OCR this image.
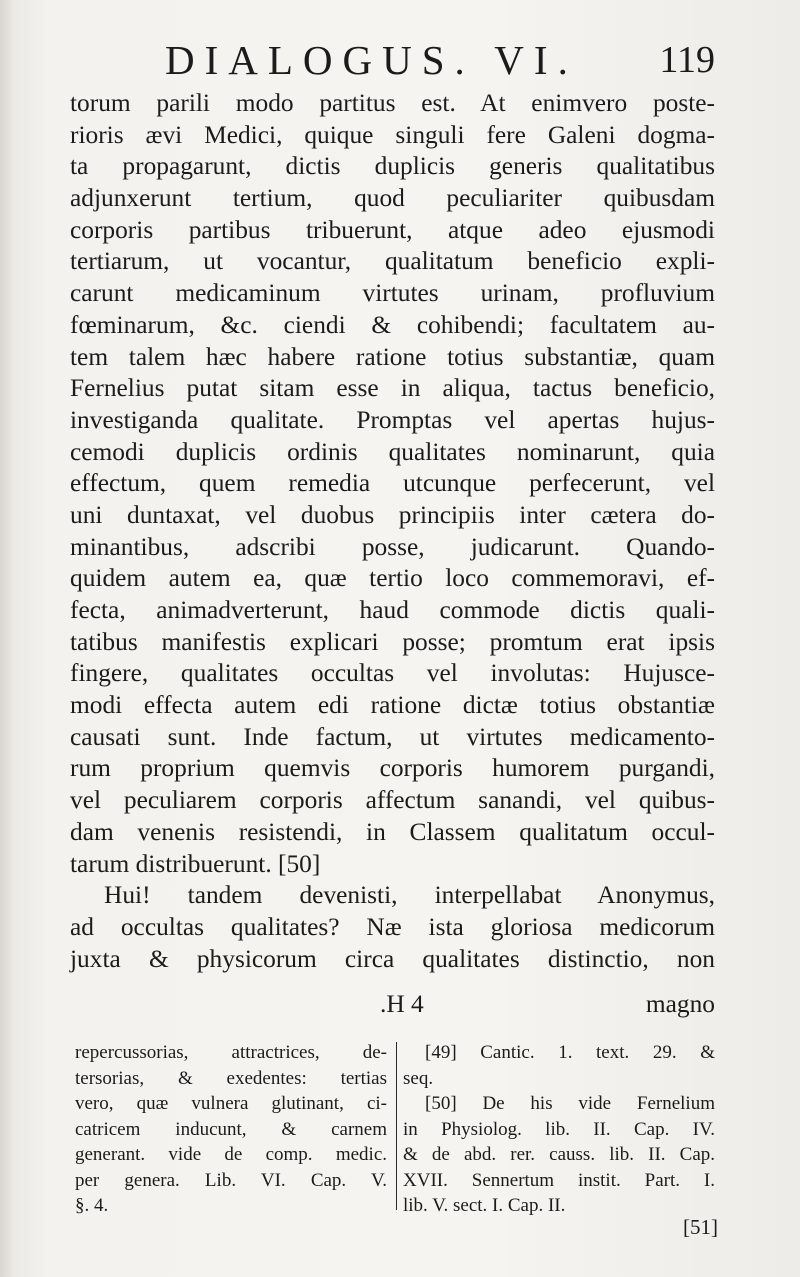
DIALOGUS. VI. 119
torum parili modo partitus est. At enimvero poste-
rioris ævi Medici, quique singuli fere Galeni dogma-
ta propagarunt, dictis duplicis generis qualitatibus
adjunxerunt tertium, quod peculiariter quibusdam
corporis partibus tribuerunt, atque adeo ejusmodi
tertiarum, ut vocantur, qualitatum beneficio expli-
carunt medicaminum virtutes urinam, profluvium
fœminarum, &c. ciendi & cohibendi; facultatem au-
tem talem hæc habere ratione totius substantiæ, quam
Fernelius putat sitam esse in aliqua, tactus beneficio,
investiganda qualitate. Promptas vel apertas hujus-
cemodi duplicis ordinis qualitates nominarunt, quia
effectum, quem remedia utcunque perfecerunt, vel
uni duntaxat, vel duobus principiis inter cætera do-
minantibus, adscribi posse, judicarunt. Quando-
quidem autem ea, quæ tertio loco commemoravi, ef-
fecta, animadverterunt, haud commode dictis quali-
tatibus manifestis explicari posse; promtum erat ipsis
fingere, qualitates occultas vel involutas: Hujusce-
modi effecta autem edi ratione dictæ totius obstantiæ
causati sunt. Inde factum, ut virtutes medicamento-
rum proprium quemvis corporis humorem purgandi,
vel peculiarem corporis affectum sanandi, vel quibus-
dam venenis resistendi, in Classem qualitatum occul-
tarum distribuerunt. [50]
Hui! tandem devenisti, interpellabat Anonymus,
ad occultas qualitates? Næ ista gloriosa medicorum
juxta & physicorum circa qualitates distinctio, non
.H 4	magno
repercussorias, attractrices, de-
tersorias, & exedentes: tertias
vero, quæ vulnera glutinant, ci-
catricem inducunt, & carnem
generant. vide de comp. medic.
per genera. Lib. VI. Cap. V.
§. 4.
[49] Cantic. 1. text. 29. &
seq.
[50] De his vide Fernelium
in Physiolog. lib. II. Cap. IV.
& de abd. rer. causs. lib. II. Cap.
XVII. Sennertum instit. Part. I.
lib. V. sect. I. Cap. II.
[51]
